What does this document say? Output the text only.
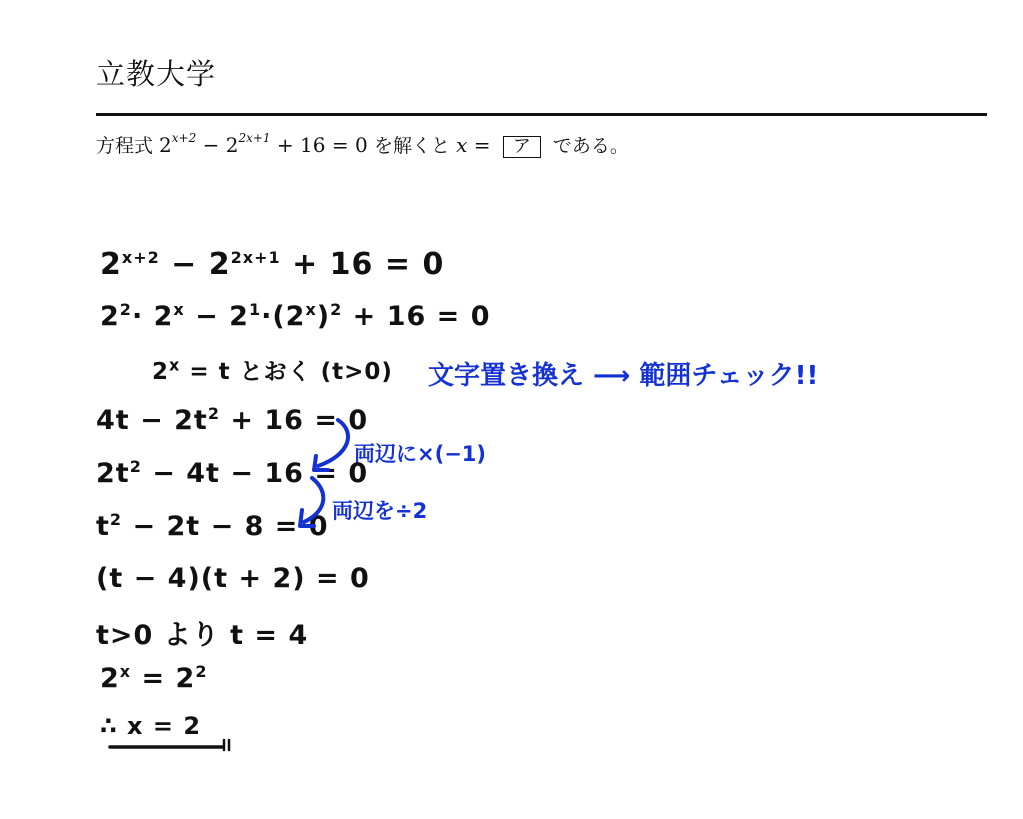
立教大学
方程式 $2^{x+2} - 2^{2x+1} + 16 = 0$ を解くと x = ア である。
$2^{x+2} - 2^{2x+1} + 16 = 0$
$2^2\cdot 2^x - 2^1\cdot(2^x)^2 + 16 = 0$
$2^x = t$ とおく (t>0) 文字置き換え ⟶ 範囲チェック!!
$4t - 2t^2 + 16 = 0$
両辺に×(−1)
$2t^2 - 4t - 16 = 0$
両辺を÷2
$t^2 - 2t - 8 = 0$
(t − 4)(t + 2) = 0
t>0 より t = 4
$2^x = 2^2$
∴ x = 2
